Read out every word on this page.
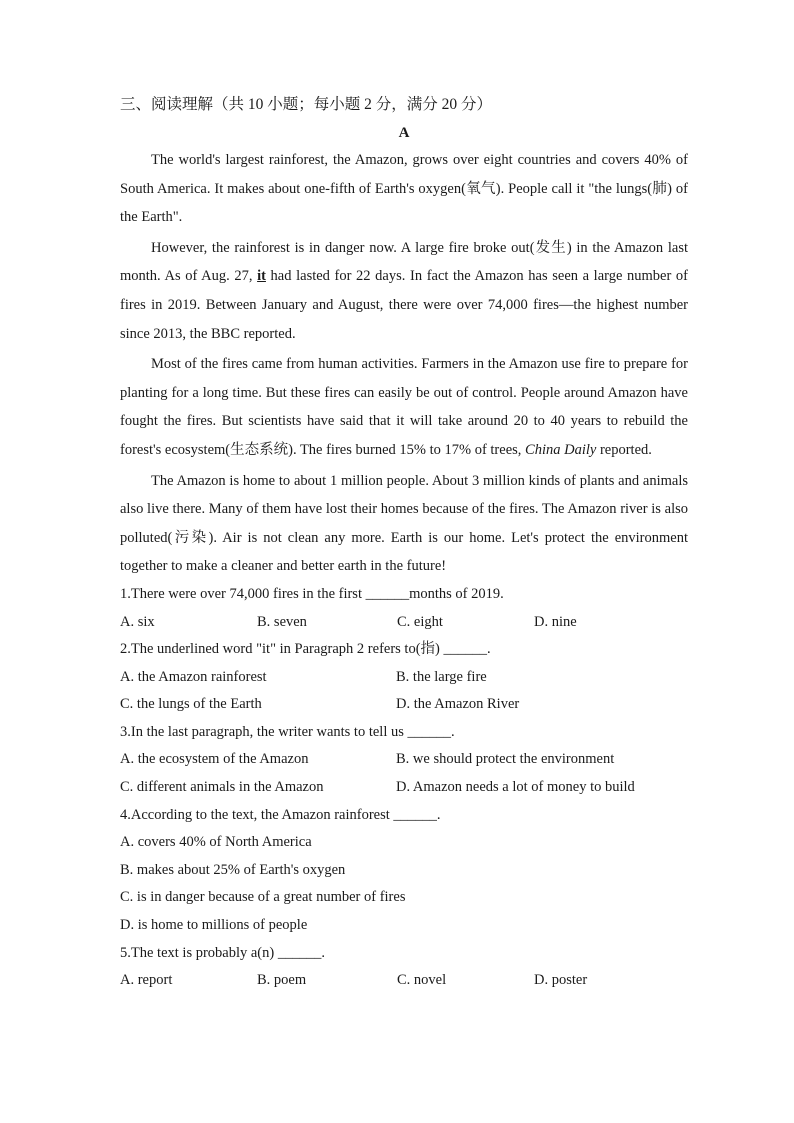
三、阅读理解（共 10 小题；每小题 2 分，满分 20 分）
A

The world's largest rainforest, the Amazon, grows over eight countries and covers 40% of South America. It makes about one-fifth of Earth's oxygen(氧气). People call it "the lungs(肺) of the Earth".

However, the rainforest is in danger now. A large fire broke out(发生) in the Amazon last month. As of Aug. 27, it had lasted for 22 days. In fact the Amazon has seen a large number of fires in 2019. Between January and August, there were over 74,000 fires—the highest number since 2013, the BBC reported.

Most of the fires came from human activities. Farmers in the Amazon use fire to prepare for planting for a long time. But these fires can easily be out of control. People around Amazon have fought the fires. But scientists have said that it will take around 20 to 40 years to rebuild the forest's ecosystem(生态系统). The fires burned 15% to 17% of trees, China Daily reported.

The Amazon is home to about 1 million people. About 3 million kinds of plants and animals also live there. Many of them have lost their homes because of the fires. The Amazon river is also polluted(污染). Air is not clean any more. Earth is our home. Let's protect the environment together to make a cleaner and better earth in the future!

1.There were over 74,000 fires in the first ______months of 2019.
A. six	B. seven	C. eight	D. nine
2.The underlined word "it" in Paragraph 2 refers to(指) ______.
A. the Amazon rainforest	B. the large fire
C. the lungs of the Earth	D. the Amazon River
3.In the last paragraph, the writer wants to tell us ______.
A. the ecosystem of the Amazon	B. we should protect the environment
C. different animals in the Amazon	D. Amazon needs a lot of money to build
4.According to the text, the Amazon rainforest ______.
A. covers 40% of North America
B. makes about 25% of Earth's oxygen
C. is in danger because of a great number of fires
D. is home to millions of people
5.The text is probably a(n) ______.
A. report	B. poem	C. novel	D. poster
